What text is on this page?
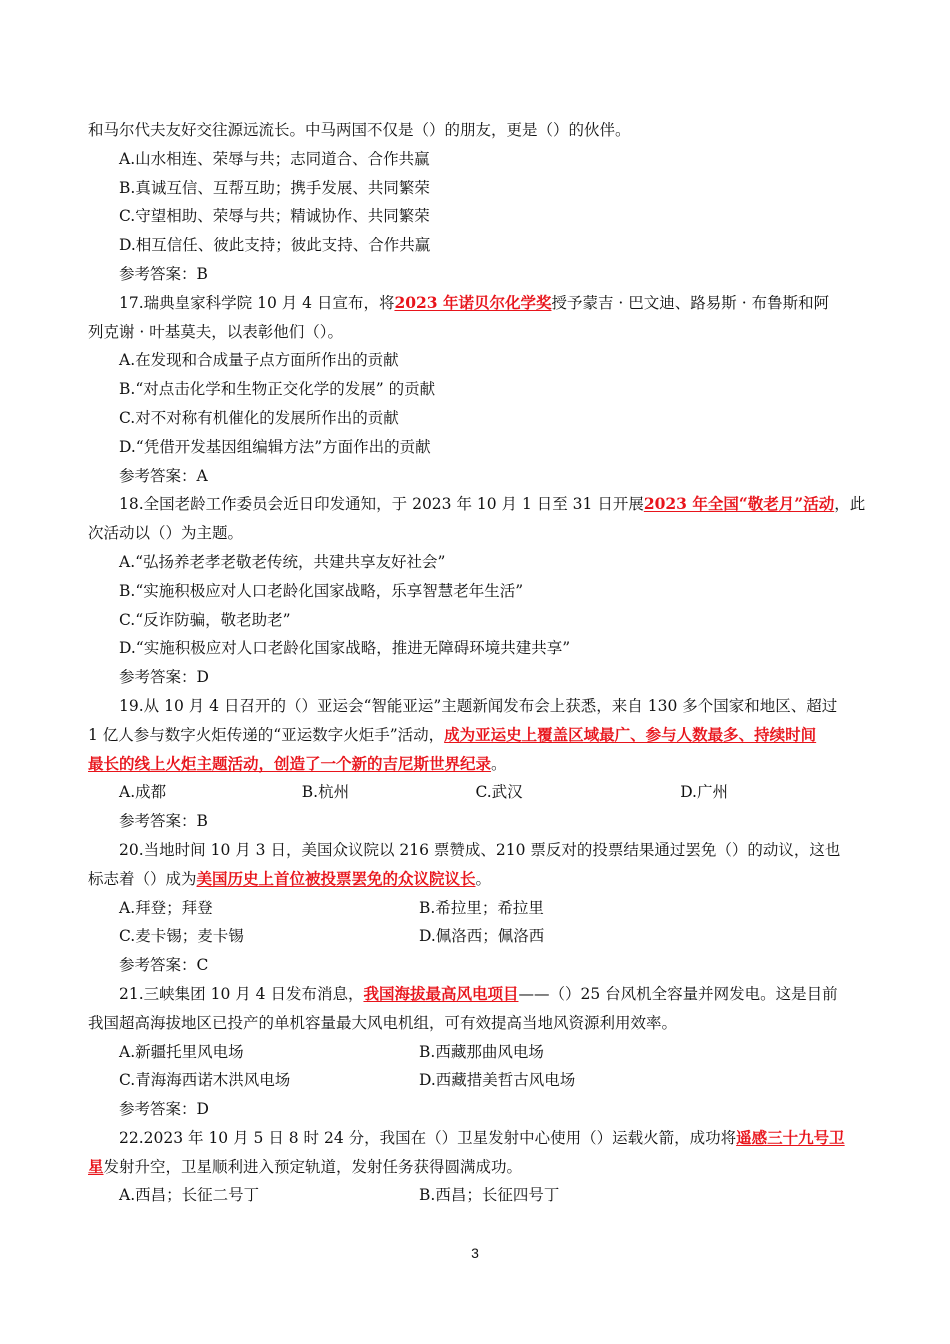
和马尔代夫友好交往源远流长。中马两国不仅是（）的朋友，更是（）的伙伴。
A.山水相连、荣辱与共；志同道合、合作共赢
B.真诚互信、互帮互助；携手发展、共同繁荣
C.守望相助、荣辱与共；精诚协作、共同繁荣
D.相互信任、彼此支持；彼此支持、合作共赢
参考答案：B
17.瑞典皇家科学院 10 月 4 日宣布，将2023 年诺贝尔化学奖授予蒙吉 · 巴文迪、路易斯 · 布鲁斯和阿
列克谢 · 叶基莫夫，以表彰他们（）。
A.在发现和合成量子点方面所作出的贡献
B.“对点击化学和生物正交化学的发展” 的贡献
C.对不对称有机催化的发展所作出的贡献
D.“凭借开发基因组编辑方法”方面作出的贡献
参考答案：A
18.全国老龄工作委员会近日印发通知，于 2023 年 10 月 1 日至 31 日开展2023 年全国“敬老月”活动，此
次活动以（）为主题。
A.“弘扬养老孝老敬老传统，共建共享友好社会”
B.“实施积极应对人口老龄化国家战略，乐享智慧老年生活”
C.“反诈防骗，敬老助老”
D.“实施积极应对人口老龄化国家战略，推进无障碍环境共建共享”
参考答案：D
19.从 10 月 4 日召开的（）亚运会“智能亚运”主题新闻发布会上获悉，来自 130 多个国家和地区、超过
1 亿人参与数字火炬传递的“亚运数字火炬手”活动，成为亚运史上覆盖区域最广、参与人数最多、持续时间
最长的线上火炬主题活动，创造了一个新的吉尼斯世界纪录。
A.成都	B.杭州	C.武汉	D.广州
参考答案：B
20.当地时间 10 月 3 日，美国众议院以 216 票赞成、210 票反对的投票结果通过罢免（）的动议，这也
标志着（）成为美国历史上首位被投票罢免的众议院议长。
A.拜登；拜登	B.希拉里；希拉里
C.麦卡锡；麦卡锡	D.佩洛西；佩洛西
参考答案：C
21.三峡集团 10 月 4 日发布消息，我国海拔最高风电项目——（）25 台风机全容量并网发电。这是目前
我国超高海拔地区已投产的单机容量最大风电机组，可有效提高当地风资源利用效率。
A.新疆托里风电场	B.西藏那曲风电场
C.青海海西诺木洪风电场	D.西藏措美哲古风电场
参考答案：D
22.2023 年 10 月 5 日 8 时 24 分，我国在（）卫星发射中心使用（）运载火箭，成功将遥感三十九号卫
星发射升空，卫星顺利进入预定轨道，发射任务获得圆满成功。
A.西昌；长征二号丁	B.西昌；长征四号丁
3
